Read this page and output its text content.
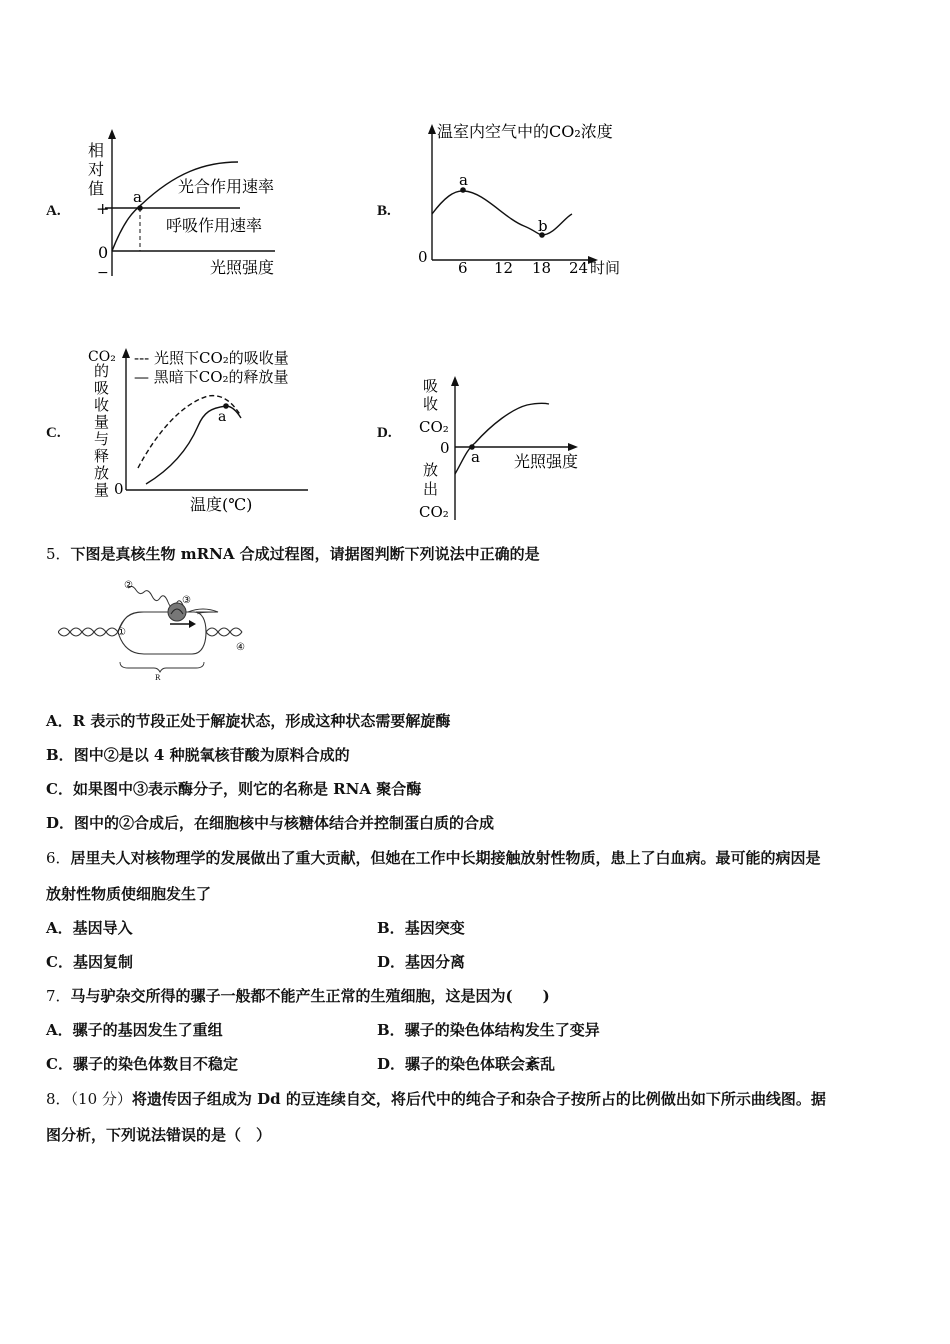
A.
相
对
值
+
0
−
a
光合作用速率
呼吸作用速率
光照强度
B.
温室内空气中的CO₂浓度
0
6 12 18 24 时间
a
b
C.
CO₂
的
吸
收
量
与
释
放
量
--- 光照下CO₂的吸收量
— 黑暗下CO₂的释放量
0
a
温度(℃)
D.
吸
收
CO₂
0 a 光照强度
放
出
CO₂
5．下图是真核生物 mRNA 合成过程图，请据图判断下列说法中正确的是
①
②
③
④
R
A．R 表示的节段正处于解旋状态，形成这种状态需要解旋酶
B．图中②是以 4 种脱氧核苷酸为原料合成的
C．如果图中③表示酶分子，则它的名称是 RNA 聚合酶
D．图中的②合成后，在细胞核中与核糖体结合并控制蛋白质的合成
6．居里夫人对核物理学的发展做出了重大贡献，但她在工作中长期接触放射性物质，患上了白血病。最可能的病因是
放射性物质使细胞发生了
A．基因导入	B．基因突变
C．基因复制	D．基因分离
7．马与驴杂交所得的骡子一般都不能产生正常的生殖细胞，这是因为(　　)
A．骡子的基因发生了重组	B．骡子的染色体结构发生了变异
C．骡子的染色体数目不稳定	D．骡子的染色体联会紊乱
8．（10 分）将遗传因子组成为 Dd 的豆连续自交，将后代中的纯合子和杂合子按所占的比例做出如下所示曲线图。据
图分析，下列说法错误的是（　）
